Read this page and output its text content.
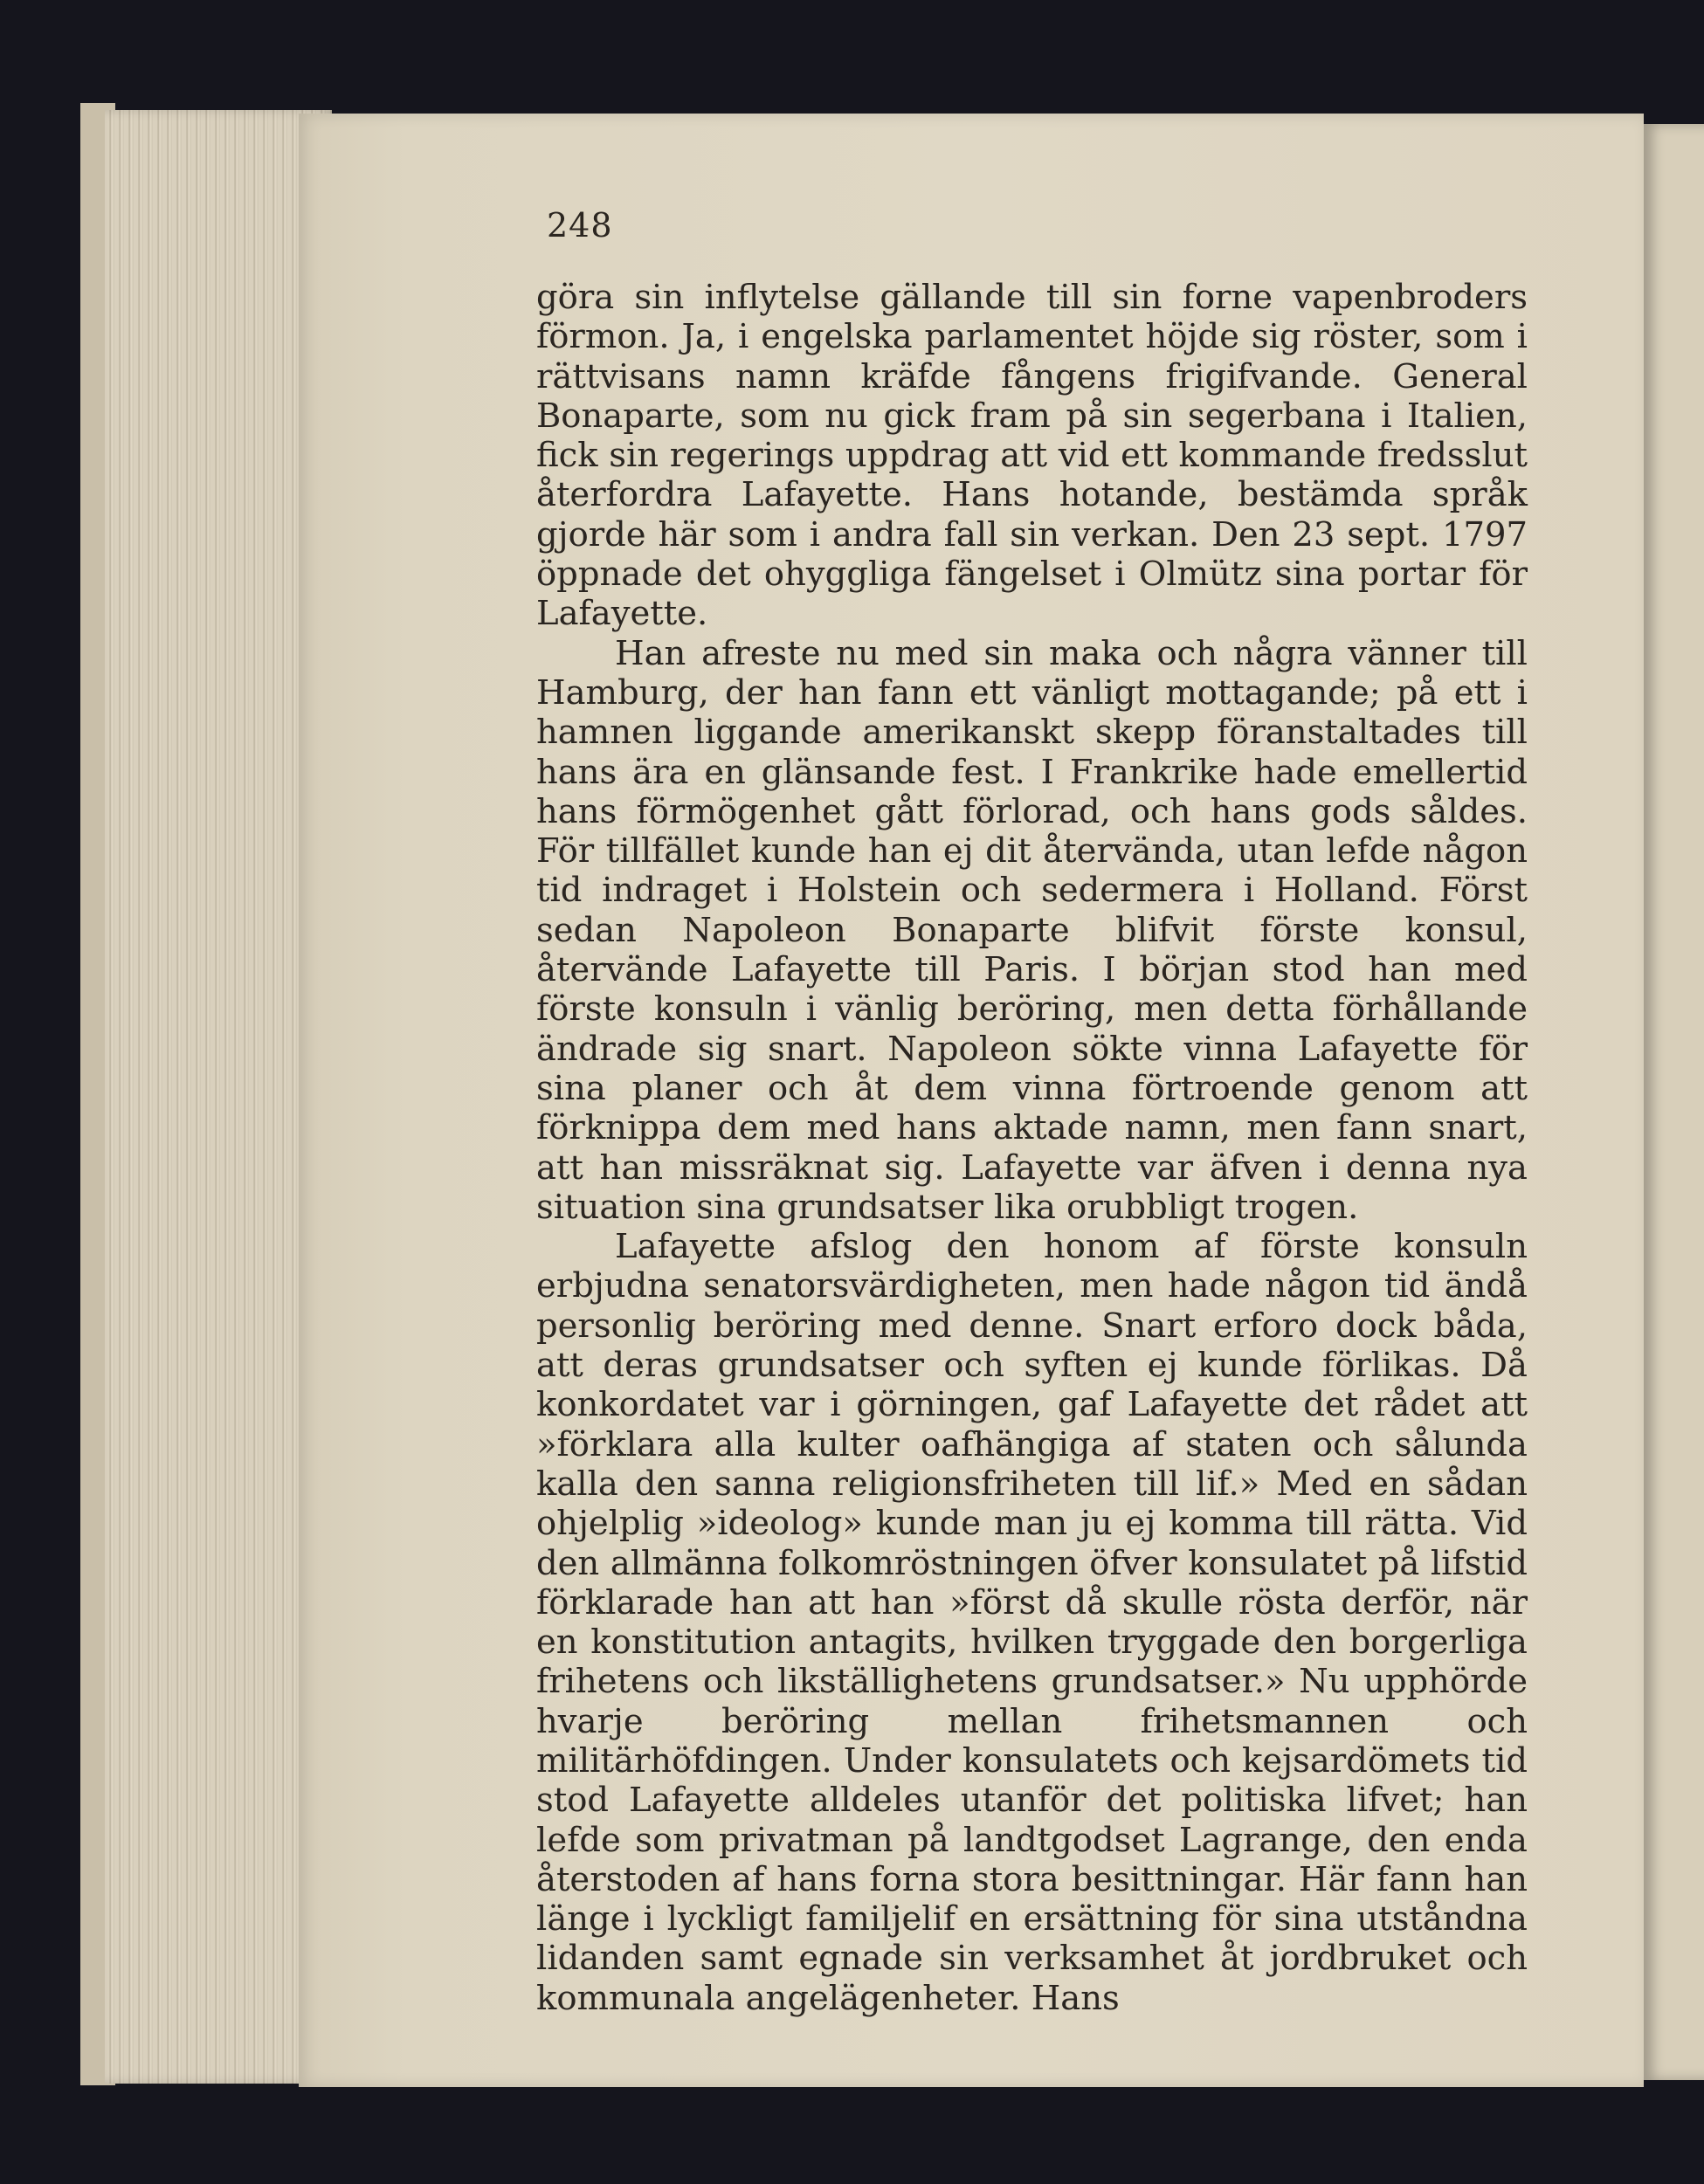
248

göra sin inflytelse gällande till sin forne vapenbroders förmon. Ja, i engelska parlamentet höjde sig röster, som i rättvisans namn kräfde fångens frigifvande. General Bonaparte, som nu gick fram på sin segerbana i Italien, fick sin regerings uppdrag att vid ett kommande fredsslut återfordra Lafayette. Hans hotande, bestämda språk gjorde här som i andra fall sin verkan. Den 23 sept. 1797 öppnade det ohyggliga fängelset i Olmütz sina portar för Lafayette.

Han afreste nu med sin maka och några vänner till Hamburg, der han fann ett vänligt mottagande; på ett i hamnen liggande amerikanskt skepp föranstaltades till hans ära en glänsande fest. I Frankrike hade emellertid hans förmögenhet gått förlorad, och hans gods såldes. För tillfället kunde han ej dit återvända, utan lefde någon tid indraget i Holstein och sedermera i Holland. Först sedan Napoleon Bonaparte blifvit förste konsul, återvände Lafayette till Paris. I början stod han med förste konsuln i vänlig beröring, men detta förhållande ändrade sig snart. Napoleon sökte vinna Lafayette för sina planer och åt dem vinna förtroende genom att förknippa dem med hans aktade namn, men fann snart, att han missräknat sig. Lafayette var äfven i denna nya situation sina grundsatser lika orubbligt trogen.

Lafayette afslog den honom af förste konsuln erbjudna senatorsvärdigheten, men hade någon tid ändå personlig beröring med denne. Snart erforo dock båda, att deras grundsatser och syften ej kunde förlikas. Då konkordatet var i görningen, gaf Lafayette det rådet att »förklara alla kulter oafhängiga af staten och sålunda kalla den sanna religionsfriheten till lif.» Med en sådan ohjelplig »ideolog» kunde man ju ej komma till rätta. Vid den allmänna folkomröstningen öfver konsulatet på lifstid förklarade han att han »först då skulle rösta derför, när en konstitution antagits, hvilken tryggade den borgerliga frihetens och likställighetens grundsatser.» Nu upphörde hvarje beröring mellan frihetsmannen och militärhöfdingen. Under konsulatets och kejsardömets tid stod Lafayette alldeles utanför det politiska lifvet; han lefde som privatman på landtgodset Lagrange, den enda återstoden af hans forna stora besittningar. Här fann han länge i lyckligt familjelif en ersättning för sina utståndna lidanden samt egnade sin verksamhet åt jordbruket och kommunala angelägenheter. Hans
